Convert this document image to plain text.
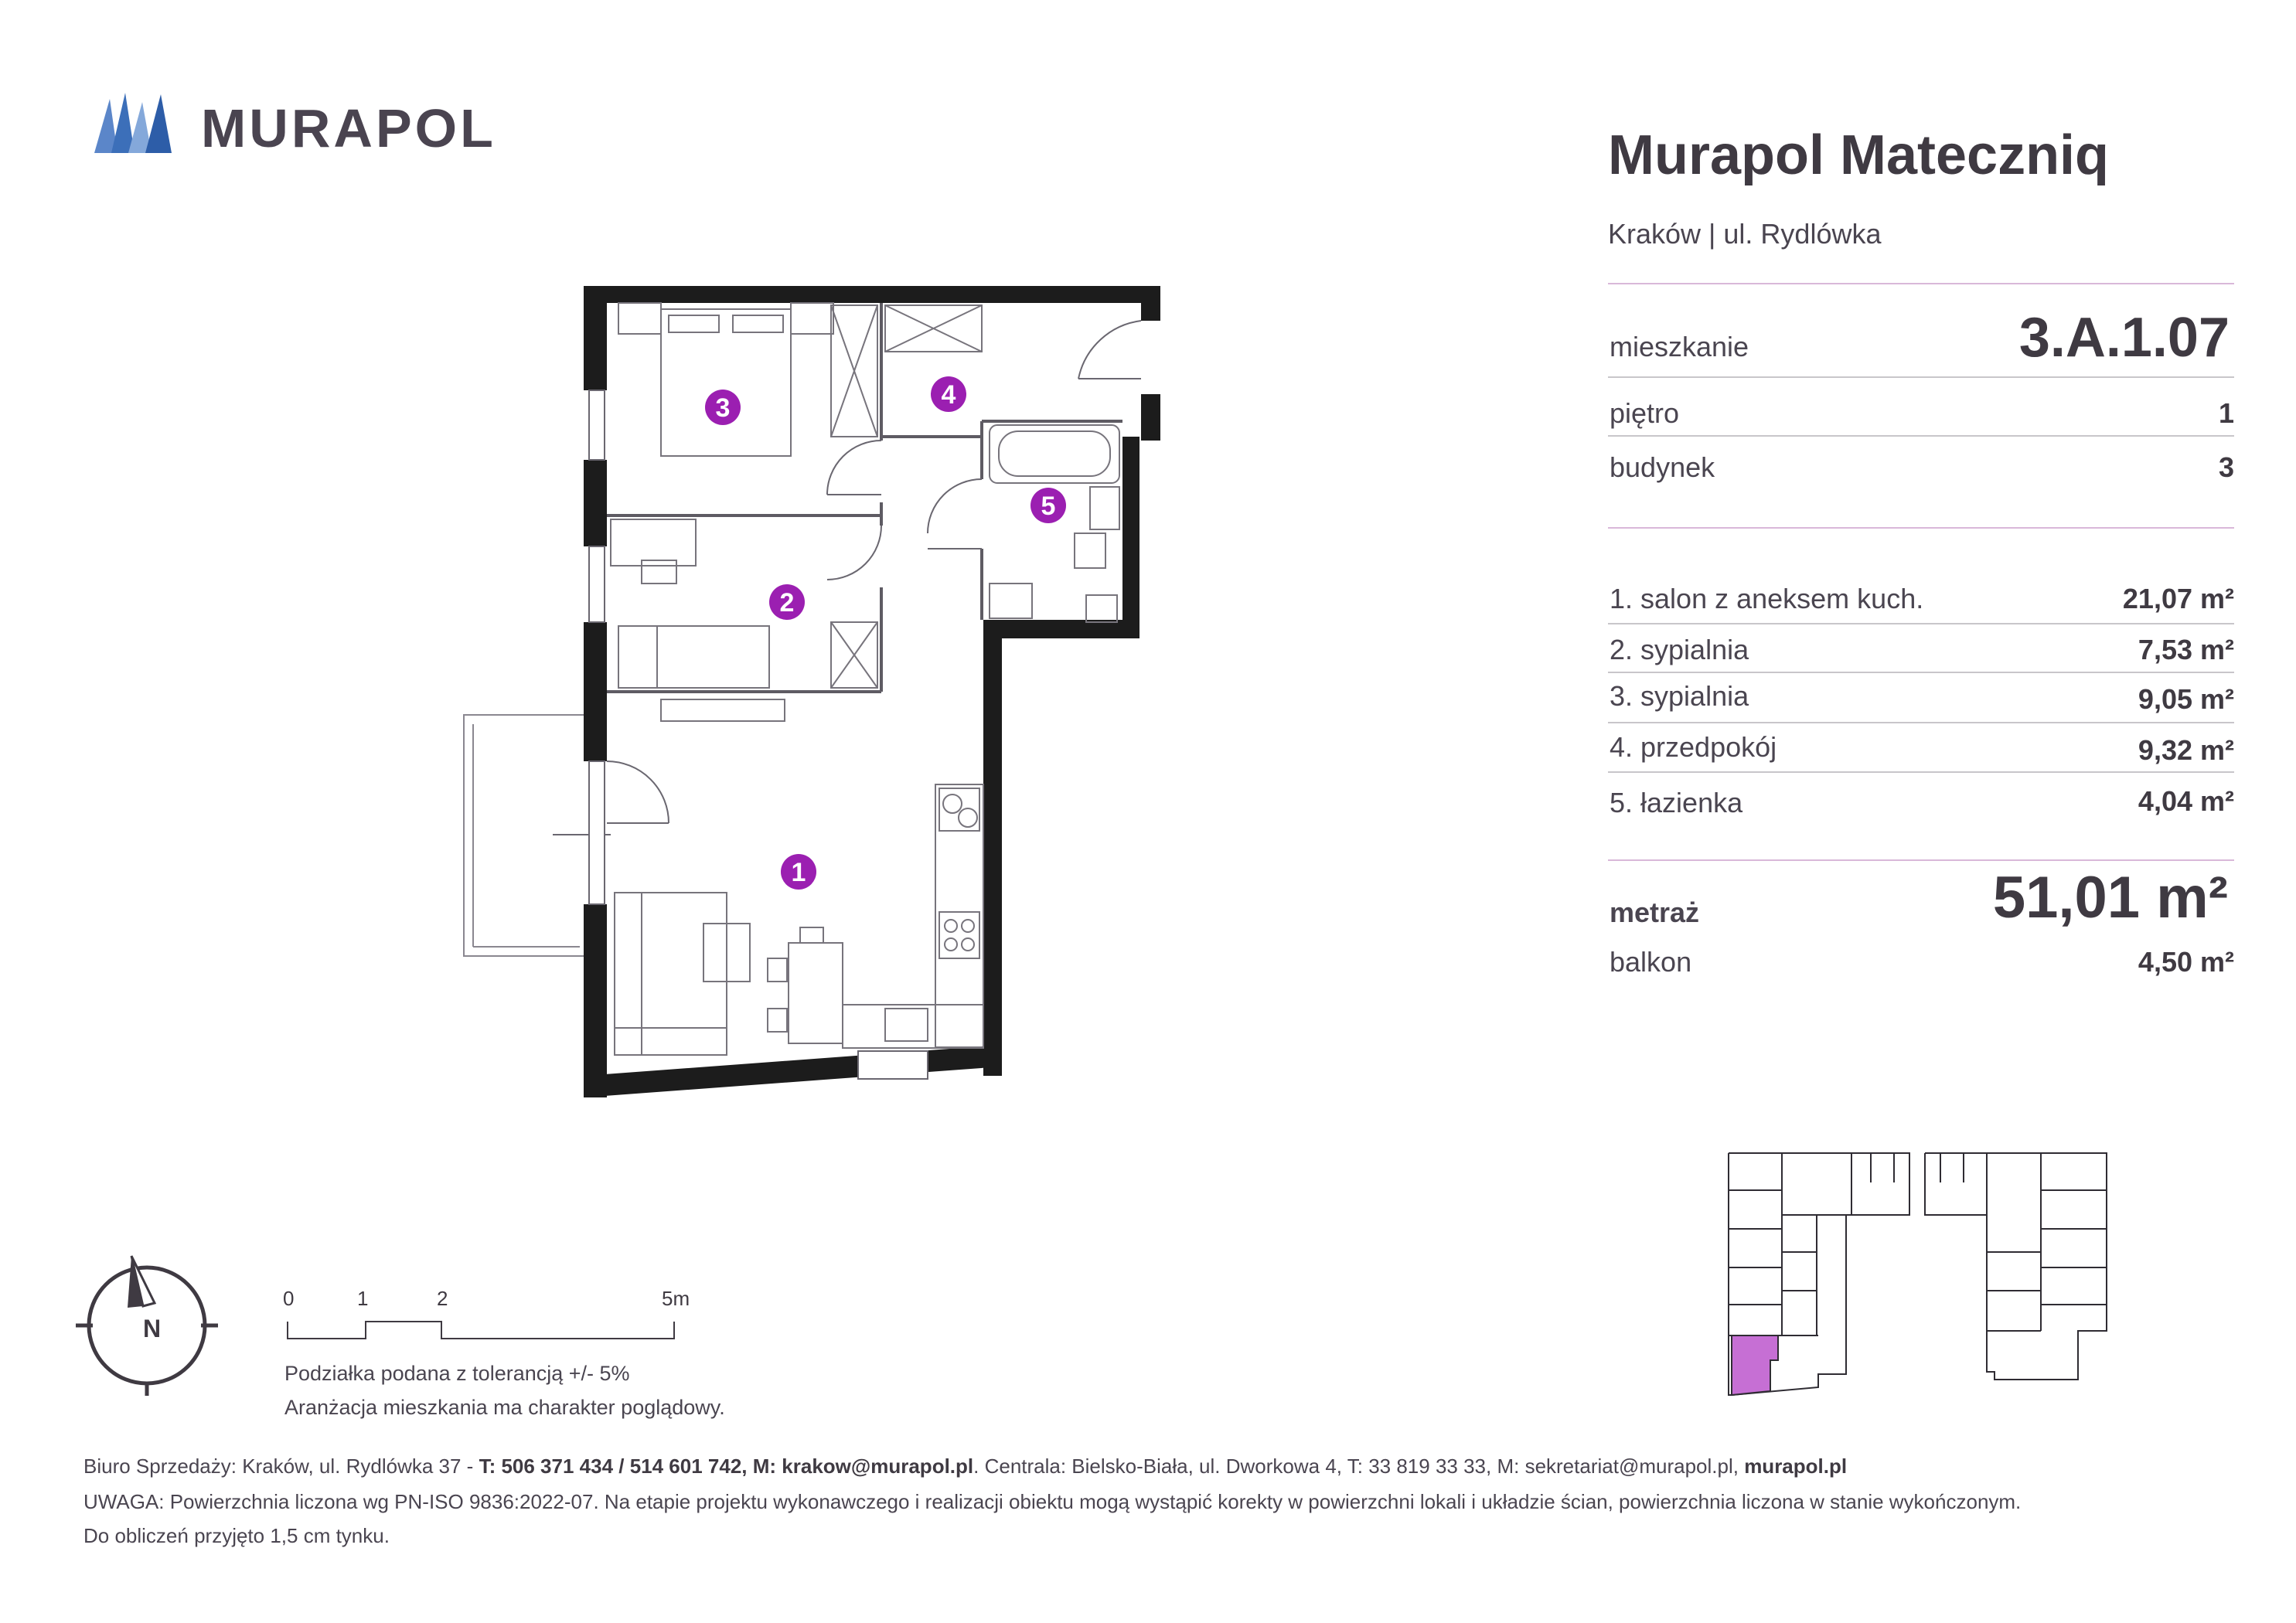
MURAPOL	Murapol Mateczniq
Kraków | ul. Rydlówka
mieszkanie	3.A.1.07
piętro	1
budynek	3
1. salon z aneksem kuch.	21,07 m²
2. sypialnia	7,53 m²
3. sypialnia	9,05 m²
4. przedpokój	9,32 m²
5. łazienka	4,04 m²
metraż	51,01 m²
balkon	4,50 m²
1
2
3	4
5
N
0	1	2	5m
Podziałka podana z tolerancją +/- 5%
Aranżacja mieszkania ma charakter poglądowy.
Biuro Sprzedaży: Kraków, ul. Rydlówka 37 - T: 506 371 434 / 514 601 742, M: krakow@murapol.pl. Centrala: Bielsko-Biała, ul. Dworkowa 4, T: 33 819 33 33, M: sekretariat@murapol.pl, murapol.pl
UWAGA: Powierzchnia liczona wg PN-ISO 9836:2022-07. Na etapie projektu wykonawczego i realizacji obiektu mogą wystąpić korekty w powierzchni lokali i układzie ścian, powierzchnia liczona w stanie wykończonym.
Do obliczeń przyjęto 1,5 cm tynku.
